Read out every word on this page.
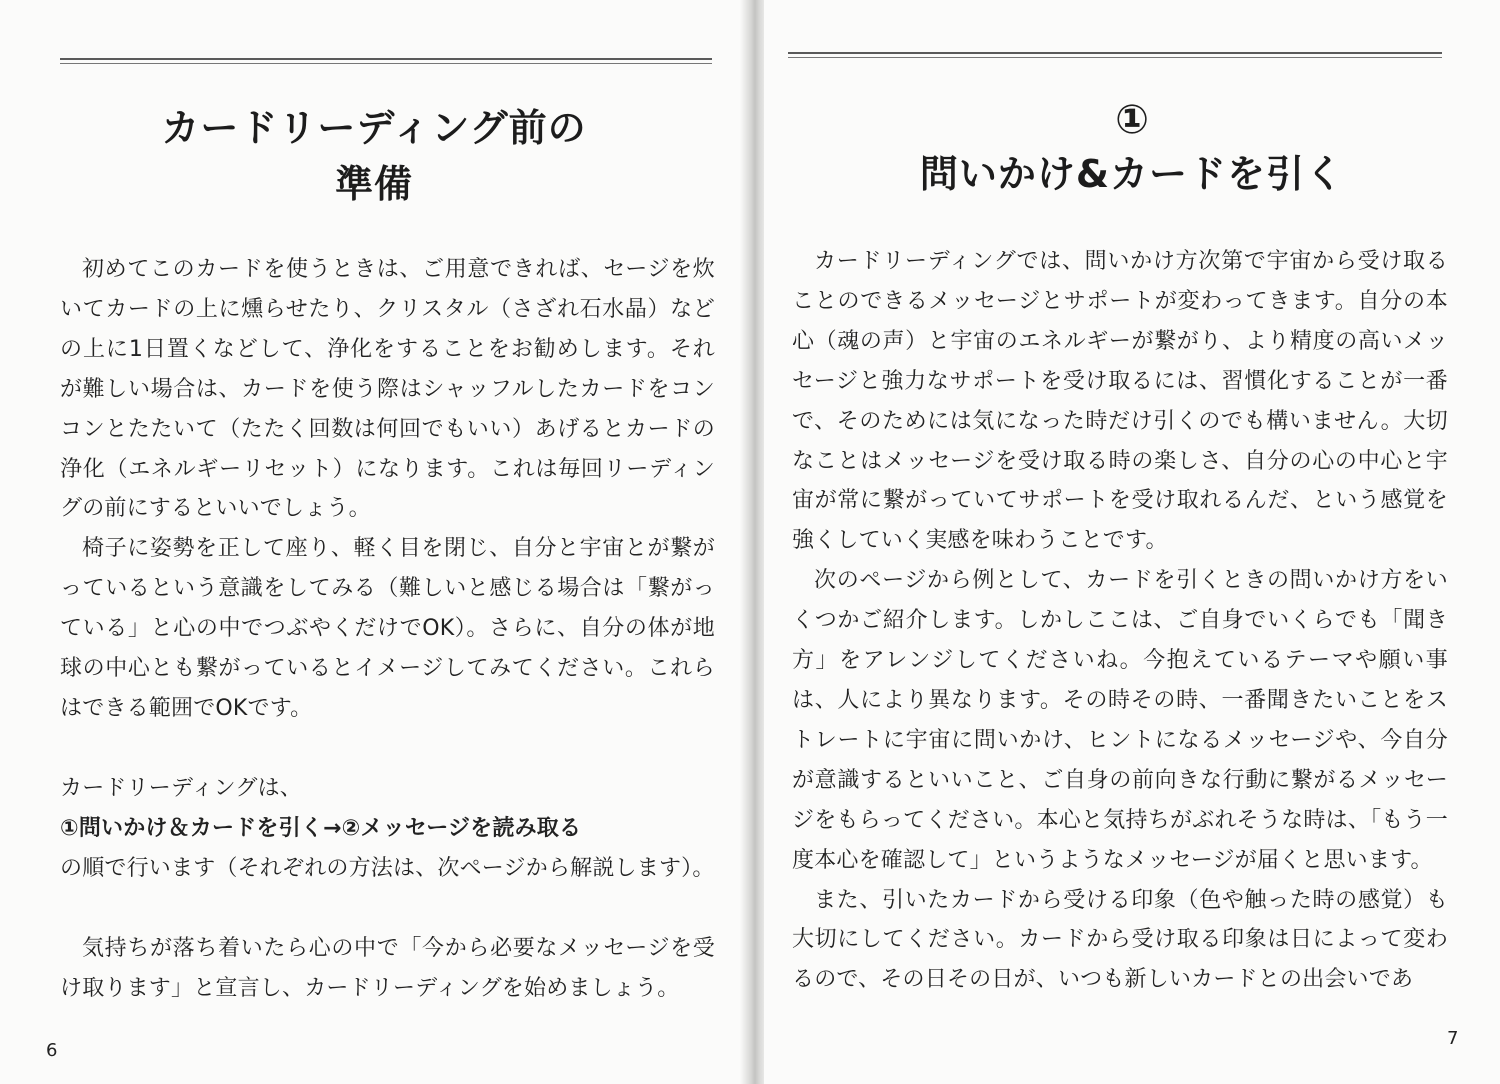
カードリーディング前の
準備

初めてこのカードを使うときは、ご用意できれば、セージを炊いてカードの上に燻らせたり、クリスタル（さざれ石水晶）などの上に1日置くなどして、浄化をすることをお勧めします。それが難しい場合は、カードを使う際はシャッフルしたカードをコンコンとたたいて（たたく回数は何回でもいい）あげるとカードの浄化（エネルギーリセット）になります。これは毎回リーディングの前にするといいでしょう。

椅子に姿勢を正して座り、軽く目を閉じ、自分と宇宙とが繋がっているという意識をしてみる（難しいと感じる場合は「繋がっている」と心の中でつぶやくだけでOK）。さらに、自分の体が地球の中心とも繋がっているとイメージしてみてください。これらはできる範囲でOKです。

カードリーディングは、

①問いかけ＆カードを引く→②メッセージを読み取る

の順で行います（それぞれの方法は、次ページから解説します）。

気持ちが落ち着いたら心の中で「今から必要なメッセージを受け取ります」と宣言し、カードリーディングを始めましょう。

6
①
問いかけ&カードを引く

カードリーディングでは、問いかけ方次第で宇宙から受け取ることのできるメッセージとサポートが変わってきます。自分の本心（魂の声）と宇宙のエネルギーが繋がり、より精度の高いメッセージと強力なサポートを受け取るには、習慣化することが一番で、そのためには気になった時だけ引くのでも構いません。大切なことはメッセージを受け取る時の楽しさ、自分の心の中心と宇宙が常に繋がっていてサポートを受け取れるんだ、という感覚を強くしていく実感を味わうことです。

次のページから例として、カードを引くときの問いかけ方をいくつかご紹介します。しかしここは、ご自身でいくらでも「聞き方」をアレンジしてくださいね。今抱えているテーマや願い事は、人により異なります。その時その時、一番聞きたいことをストレートに宇宙に問いかけ、ヒントになるメッセージや、今自分が意識するといいこと、ご自身の前向きな行動に繋がるメッセージをもらってください。本心と気持ちがぶれそうな時は、「もう一度本心を確認して」というようなメッセージが届くと思います。

また、引いたカードから受ける印象（色や触った時の感覚）も大切にしてください。カードから受け取る印象は日によって変わるので、その日その日が、いつも新しいカードとの出会いであ

7
